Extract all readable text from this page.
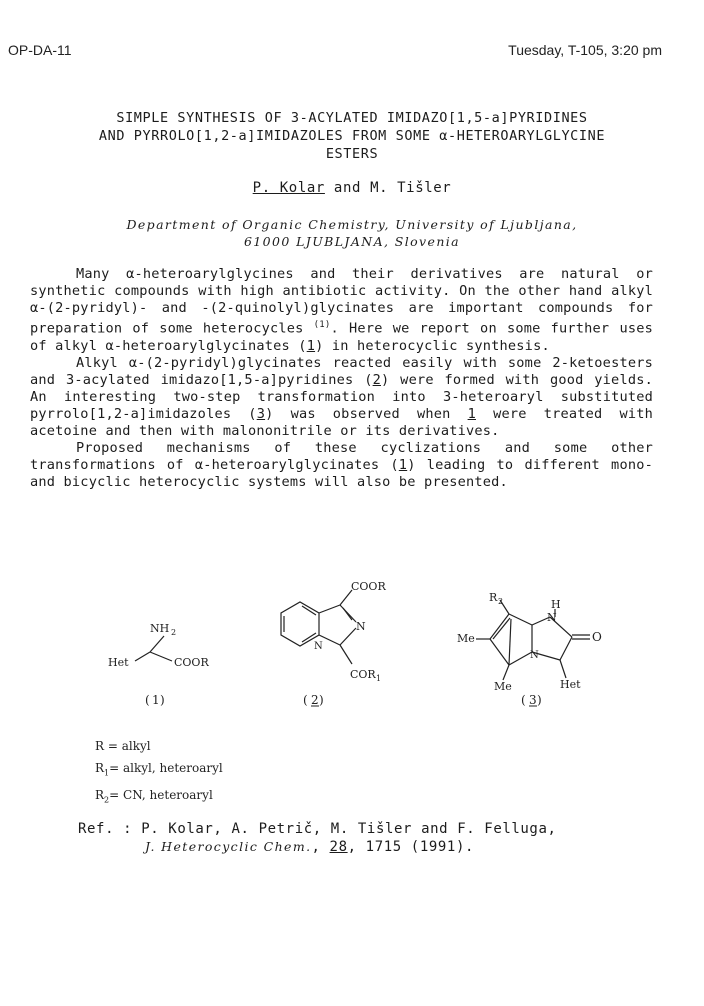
OP-DA-11	Tuesday, T-105, 3:20 pm
SIMPLE SYNTHESIS OF 3-ACYLATED IMIDAZO[1,5-a]PYRIDINES
AND PYRROLO[1,2-a]IMIDAZOLES FROM SOME α-HETEROARYLGLYCINE
ESTERS
P. Kolar and M. Tišler
Department of Organic Chemistry, University of Ljubljana,
61000 LJUBLJANA, Slovenia

Many α-heteroarylglycines and their derivatives are natural or synthetic compounds with high antibiotic activity. On the other hand alkyl α-(2-pyridyl)- and -(2-quinolyl)glycinates are important compounds for preparation of some heterocycles $^{(1)}$. Here we report on some further uses of alkyl α-heteroarylglycinates (1) in heterocyclic synthesis.

Alkyl α-(2-pyridyl)glycinates reacted easily with some 2-ketoesters and 3-acylated imidazo[1,5-a]pyridines (2) were formed with good yields. An interesting two-step transformation into 3-heteroaryl substituted pyrrolo[1,2-a]imidazoles (3) was observed when 1 were treated with acetoine and then with malononitrile or its derivatives.

Proposed mechanisms of these cyclizations and some other transformations of α-heteroarylglycinates (1) leading to different mono- and bicyclic heterocyclic systems will also be presented.

NH 2
Het	COOR
( 1 )
COOR
N
N
COR 1
( 2 )
R 2	H
N
N
O
Me
Me	Het
( 3 )
R = alkyl
$R_1=$ alkyl, heteroaryl
$R_2=$ CN, heteroaryl
Ref. : P. Kolar, A. Petrič, M. Tišler and F. Felluga,
J. Heterocyclic Chem., 28, 1715 (1991).
